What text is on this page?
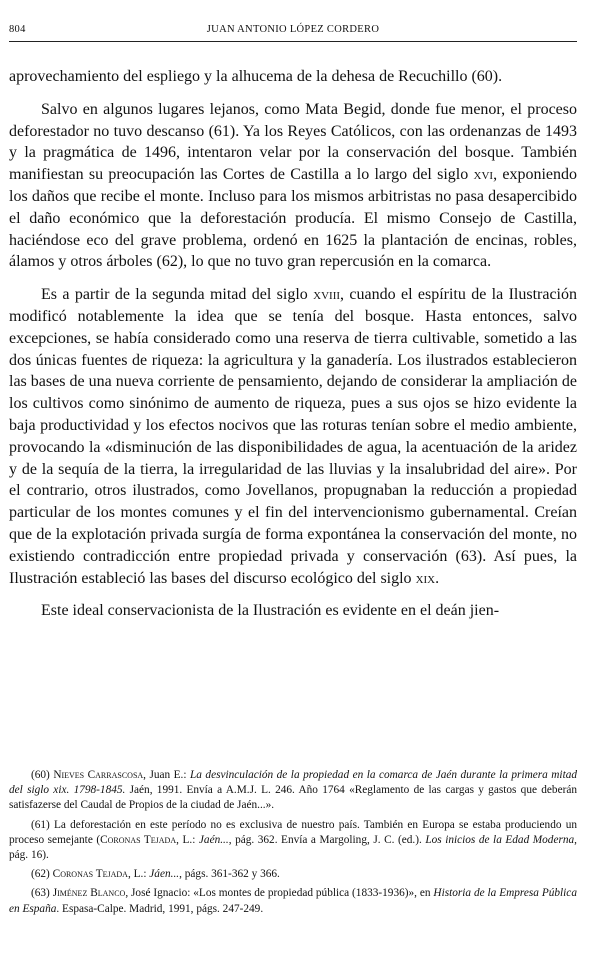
804	JUAN ANTONIO LÓPEZ CORDERO

aprovechamiento del espliego y la alhucema de la dehesa de Recuchillo (60).

Salvo en algunos lugares lejanos, como Mata Begid, donde fue menor, el proceso deforestador no tuvo descanso (61). Ya los Reyes Católicos, con las ordenanzas de 1493 y la pragmática de 1496, intentaron velar por la conservación del bosque. También manifiestan su preocupación las Cortes de Castilla a lo largo del siglo xvi, exponiendo los daños que recibe el monte. Incluso para los mismos arbitristas no pasa desapercibido el daño económico que la deforestación producía. El mismo Consejo de Castilla, haciéndose eco del grave problema, ordenó en 1625 la plantación de encinas, robles, álamos y otros árboles (62), lo que no tuvo gran repercusión en la comarca.

Es a partir de la segunda mitad del siglo xviii, cuando el espíritu de la Ilustración modificó notablemente la idea que se tenía del bosque. Hasta entonces, salvo excepciones, se había considerado como una reserva de tierra cultivable, sometido a las dos únicas fuentes de riqueza: la agricultura y la ganadería. Los ilustrados establecieron las bases de una nueva corriente de pensamiento, dejando de considerar la ampliación de los cultivos como sinónimo de aumento de riqueza, pues a sus ojos se hizo evidente la baja productividad y los efectos nocivos que las roturas tenían sobre el medio ambiente, provocando la «disminución de las disponibilidades de agua, la acentuación de la aridez y de la sequía de la tierra, la irregularidad de las lluvias y la insalubridad del aire». Por el contrario, otros ilustrados, como Jovellanos, propugnaban la reducción a propiedad particular de los montes comunes y el fin del intervencionismo gubernamental. Creían que de la explotación privada surgía de forma expontánea la conservación del monte, no existiendo contradicción entre propiedad privada y conservación (63). Así pues, la Ilustración estableció las bases del discurso ecológico del siglo xix.

Este ideal conservacionista de la Ilustración es evidente en el deán jien-

(60) Nieves Carrascosa, Juan E.: La desvinculación de la propiedad en la comarca de Jaén durante la primera mitad del siglo xix. 1798-1845. Jaén, 1991. Envía a A.M.J. L. 246. Año 1764 «Reglamento de las cargas y gastos que deberán satisfazerse del Caudal de Propios de la ciudad de Jaén...».

(61) La deforestación en este período no es exclusiva de nuestro país. También en Europa se estaba produciendo un proceso semejante (Coronas Tejada, L.: Jaén..., pág. 362. Envía a Margoling, J. C. (ed.). Los inicios de la Edad Moderna, pág. 16).

(62) Coronas Tejada, L.: Jáen..., págs. 361-362 y 366.

(63) Jiménez Blanco, José Ignacio: «Los montes de propiedad pública (1833-1936)», en Historia de la Empresa Pública en España. Espasa-Calpe. Madrid, 1991, págs. 247-249.
